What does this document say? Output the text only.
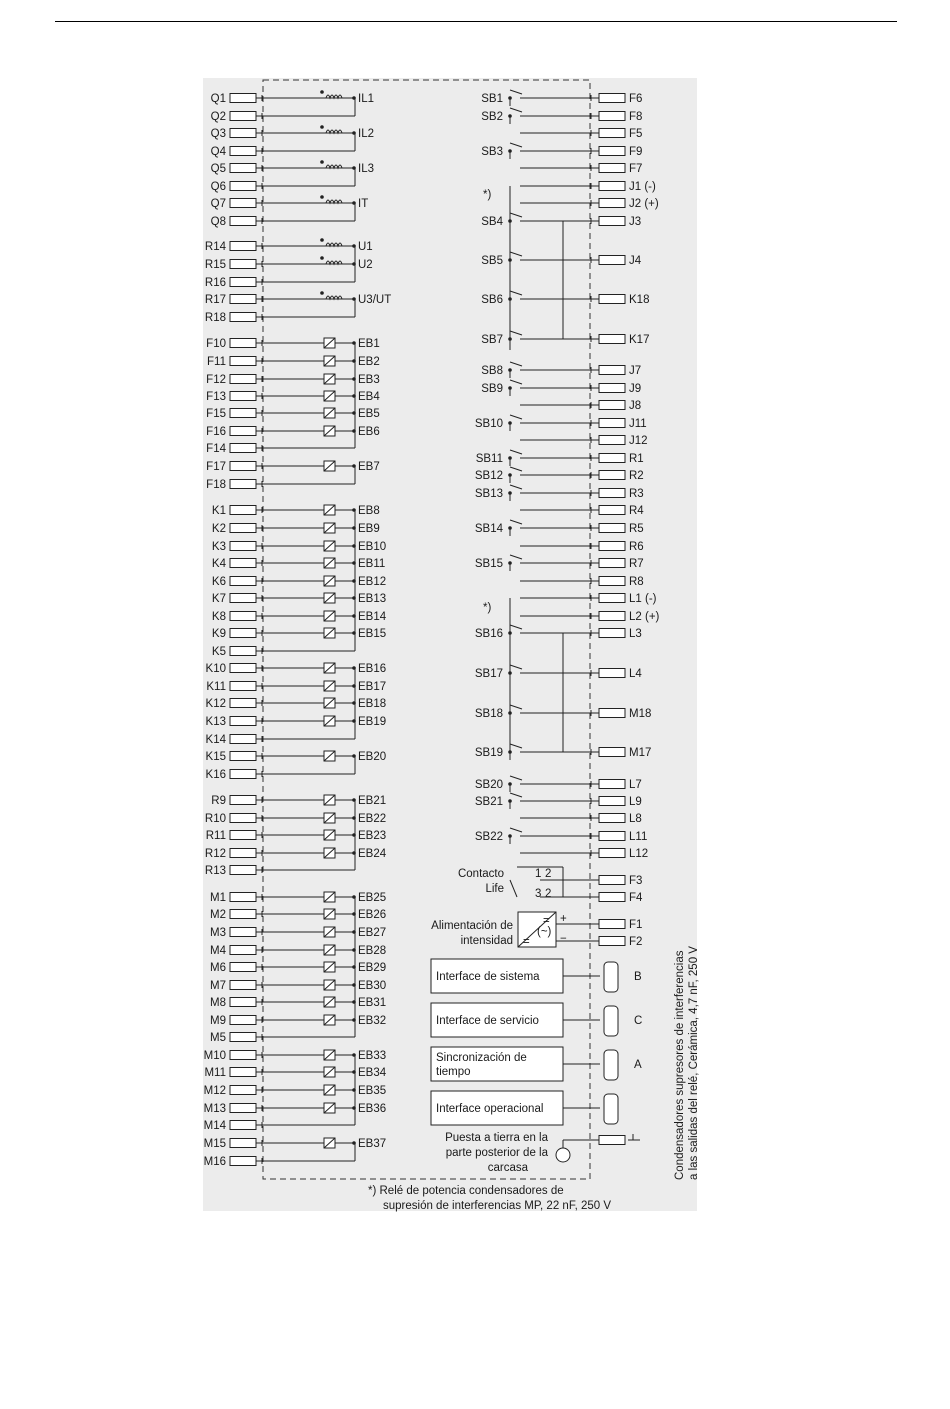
Q1	IL1
Q2
Q3	IL2
Q4
Q5	IL3
Q6
Q7	IT
Q8
R14	U1
R15	U2
R16
R17	U3/UT
R18
F10	EB1
F11	EB2
F12	EB3
F13	EB4
F15	EB5
F16	EB6
F14
F17	EB7
F18
K1	EB8
K2	EB9
K3	EB10
K4	EB11
K6	EB12
K7	EB13
K8	EB14
K9	EB15
K5
K10	EB16
K11	EB17
K12	EB18
K13	EB19
K14
K15	EB20
K16
R9	EB21
R10	EB22
R11	EB23
R12	EB24
R13
M1	EB25
M2	EB26
M3	EB27
M4	EB28
M6	EB29
M7	EB30
M8	EB31
M9	EB32
M5
M10	EB33
M11	EB34
M12	EB35
M13	EB36
M14
M15	EB37
M16
F6
SB1
F8
SB2
F5
F9
SB3
F7
J1 (-)
J2 (+)
*)
J3
SB4
J4
SB5
K18
SB6
K17
SB7
J7
SB8
J9
SB9
J8
J11
SB10
J12
R1
SB11
R2
SB12
R3
SB13
R4
R5
SB14
R6
R7
SB15
R8
L1 (-)
L2 (+)
*)
L3
SB16
L4
SB17
M18
SB18
M17
SB19
L7
SB20
L9
SB21
L8
L11
SB22
L12
Contacto
Life
1 2
3 2
F3
F4
Alimentación de
intensidad
=
(~)
=
+
−
F1
F2
Interface de sistema	B
Interface de servicio	C
Sincronización de
tiempo
A
Interface operacional
Puesta a tierra en la
parte posterior de la
carcasa	Condensadores supresores de interferencias a las salidas del relé, Cerámica, 4,7 nF, 250 V
*) Relé de potencia condensadores de
supresión de interferencias MP, 22 nF, 250 V
